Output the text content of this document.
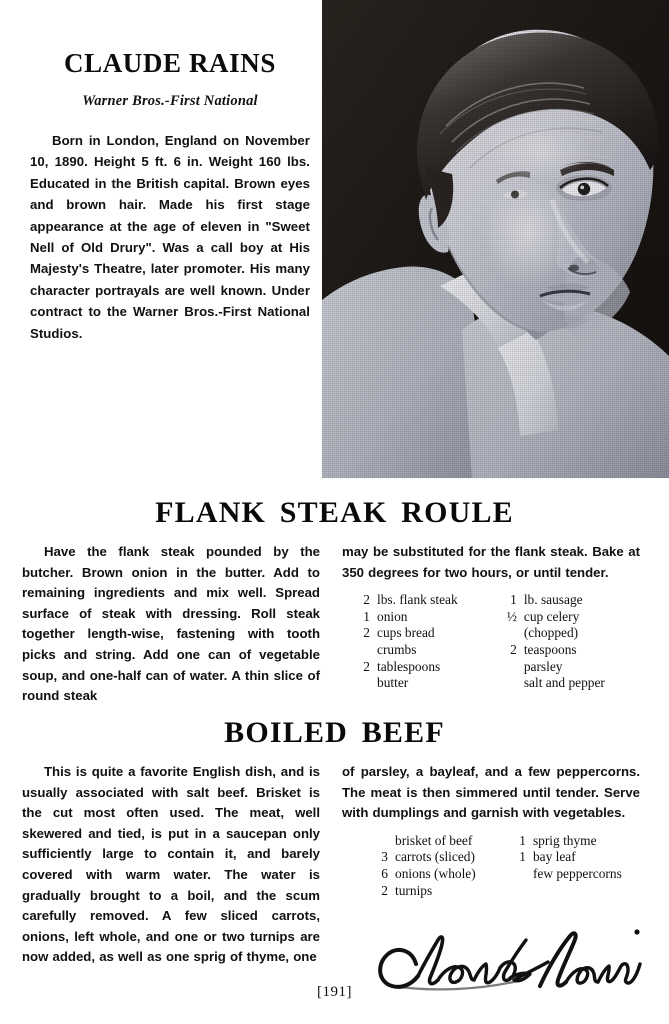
CLAUDE RAINS
Warner Bros.-First National

Born in London, England on November 10, 1890. Height 5 ft. 6 in. Weight 160 lbs. Educated in the British capital. Brown eyes and brown hair. Made his first stage appearance at the age of eleven in "Sweet Nell of Old Drury". Was a call boy at His Majesty's Theatre, later promoter. His many character portrayals are well known. Under contract to the Warner Bros.-First National Studios.

FLANK STEAK ROULE

Have the flank steak pounded by the butcher. Brown onion in the butter. Add to remaining ingredients and mix well. Spread surface of steak with dressing. Roll steak together length-wise, fastening with tooth picks and string. Add one can of vegetable soup, and one-half can of water. A thin slice of round steak

may be substituted for the flank steak. Bake at 350 degrees for two hours, or until tender.

2 lbs. flank steak
1 onion
2 cups bread
crumbs
2 tablespoons
butter
1 lb. sausage
½ cup celery
(chopped)
2 teaspoons
parsley
salt and pepper
BOILED BEEF

This is quite a favorite English dish, and is usually associated with salt beef. Brisket is the cut most often used. The meat, well skewered and tied, is put in a saucepan only sufficiently large to contain it, and barely covered with warm water. The water is gradually brought to a boil, and the scum carefully removed. A few sliced carrots, onions, left whole, and one or two turnips are now added, as well as one sprig of thyme, one

of parsley, a bayleaf, and a few peppercorns. The meat is then simmered until tender. Serve with dumplings and garnish with vegetables.

brisket of beef
3 carrots (sliced)
6 onions (whole)
2 turnips
1 sprig thyme
1 bay leaf
few peppercorns
[191]
